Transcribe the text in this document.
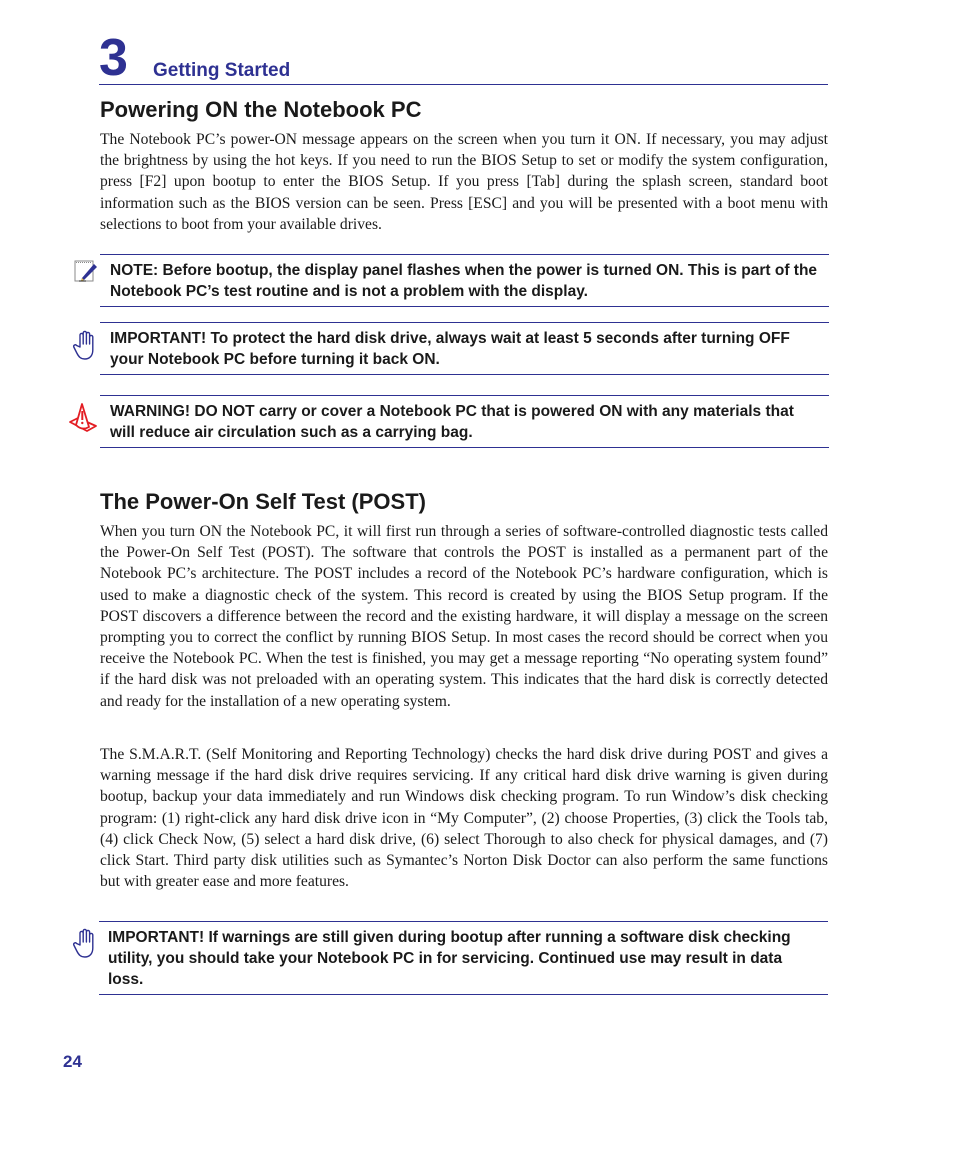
3 Getting Started
Powering ON the Notebook PC

The Notebook PC’s power-ON message appears on the screen when you turn it ON. If necessary, you may adjust the brightness by using the hot keys. If you need to run the BIOS Setup to set or modify the system configuration, press [F2] upon bootup to enter the BIOS Setup. If you press [Tab] during the splash screen, standard boot information such as the BIOS version can be seen. Press [ESC] and you will be presented with a boot menu with selections to boot from your available drives.

NOTE: Before bootup, the display panel flashes when the power is turned ON. This is part of the Notebook PC’s test routine and is not a problem with the display.

IMPORTANT! To protect the hard disk drive, always wait at least 5 seconds after turning OFF your Notebook PC before turning it back ON.

WARNING! DO NOT carry or cover a Notebook PC that is powered ON with any materials that will reduce air circulation such as a carrying bag.

The Power-On Self Test (POST)

When you turn ON the Notebook PC, it will first run through a series of software-controlled diagnostic tests called the Power-On Self Test (POST). The software that controls the POST is installed as a permanent part of the Notebook PC’s architecture. The POST includes a record of the Notebook PC’s hardware configuration, which is used to make a diagnostic check of the system. This record is created by using the BIOS Setup program. If the POST discovers a difference between the record and the existing hardware, it will display a message on the screen prompting you to correct the conflict by running BIOS Setup. In most cases the record should be correct when you receive the Notebook PC. When the test is finished, you may get a message reporting “No operating system found” if the hard disk was not preloaded with an operating system. This indicates that the hard disk is correctly detected and ready for the installation of a new operating system.

The S.M.A.R.T. (Self Monitoring and Reporting Technology) checks the hard disk drive during POST and gives a warning message if the hard disk drive requires servicing. If any critical hard disk drive warning is given during bootup, backup your data immediately and run Windows disk checking program. To run Window’s disk checking program: (1) right-click any hard disk drive icon in “My Computer”, (2) choose Properties, (3) click the Tools tab, (4) click Check Now, (5) select a hard disk drive, (6) select Thorough to also check for physical damages, and (7) click Start. Third party disk utilities such as Symantec’s Norton Disk Doctor can also perform the same functions but with greater ease and more features.

IMPORTANT! If warnings are still given during bootup after running a software disk checking utility, you should take your Notebook PC in for servicing. Continued use may result in data loss.

24
